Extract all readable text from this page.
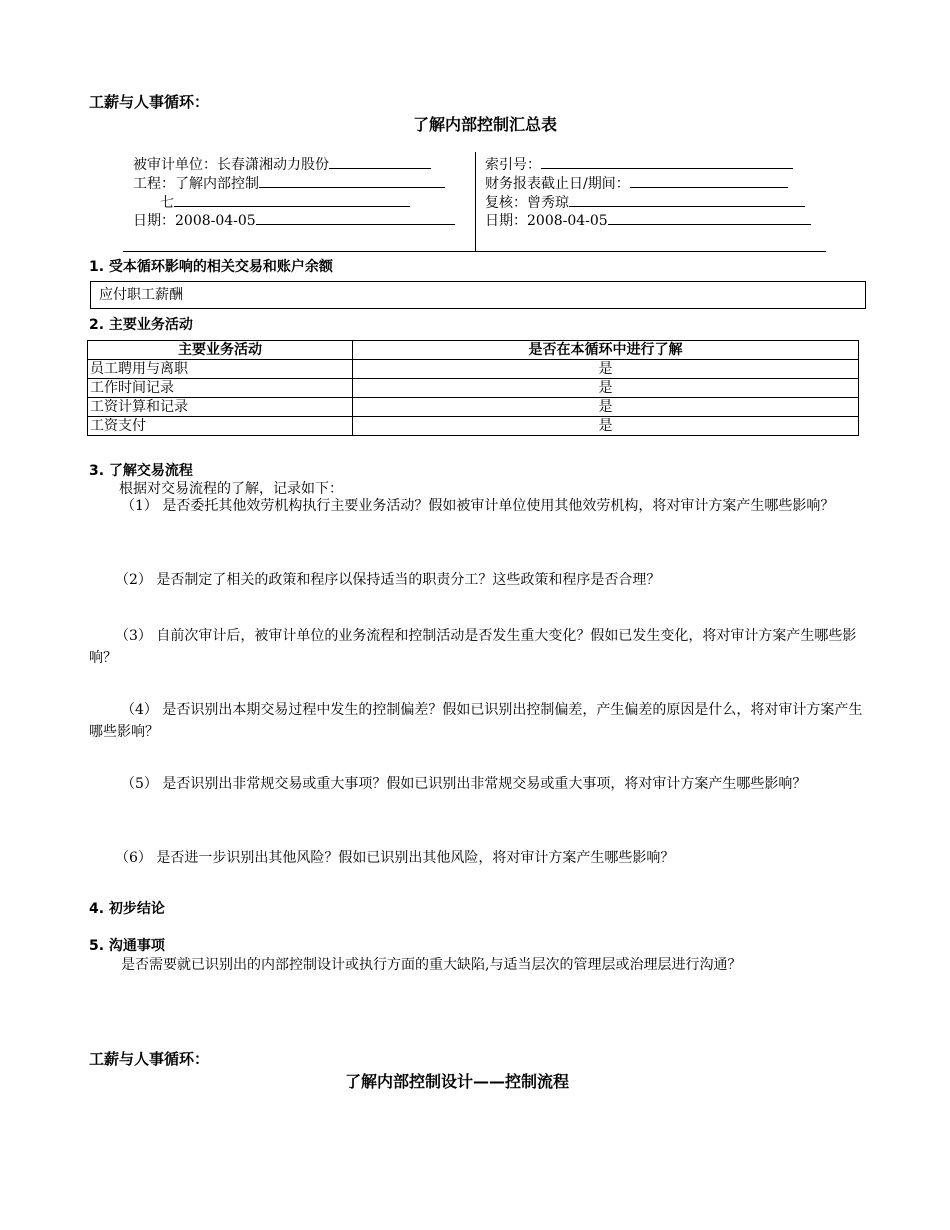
工薪与人事循环：
了解内部控制汇总表
被审计单位：长春潇湘动力股份
工程：了解内部控制
七
日期：2008-04-05
索引号：
财务报表截止日/期间：
复核：曾秀琼
日期：2008-04-05
1. 受本循环影响的相关交易和账户余额
应付职工薪酬
2. 主要业务活动
主要业务活动	是否在本循环中进行了解
员工聘用与离职	是
工作时间记录	是
工资计算和记录	是
工资支付	是
3. 了解交易流程
根据对交易流程的了解，记录如下：
（1） 是否委托其他效劳机构执行主要业务活动？假如被审计单位使用其他效劳机构，将对审计方案产生哪些影响？
（2） 是否制定了相关的政策和程序以保持适当的职责分工？这些政策和程序是否合理？
（3） 自前次审计后，被审计单位的业务流程和控制活动是否发生重大变化？假如已发生变化，将对审计方案产生哪些影响？
（4） 是否识别出本期交易过程中发生的控制偏差？假如已识别出控制偏差，产生偏差的原因是什么，将对审计方案产生哪些影响？
（5） 是否识别出非常规交易或重大事项？假如已识别出非常规交易或重大事项，将对审计方案产生哪些影响？
（6） 是否进一步识别出其他风险？假如已识别出其他风险，将对审计方案产生哪些影响？
4. 初步结论
5. 沟通事项
是否需要就已识别出的内部控制设计或执行方面的重大缺陷,与适当层次的管理层或治理层进行沟通？
工薪与人事循环：
了解内部控制设计——控制流程
